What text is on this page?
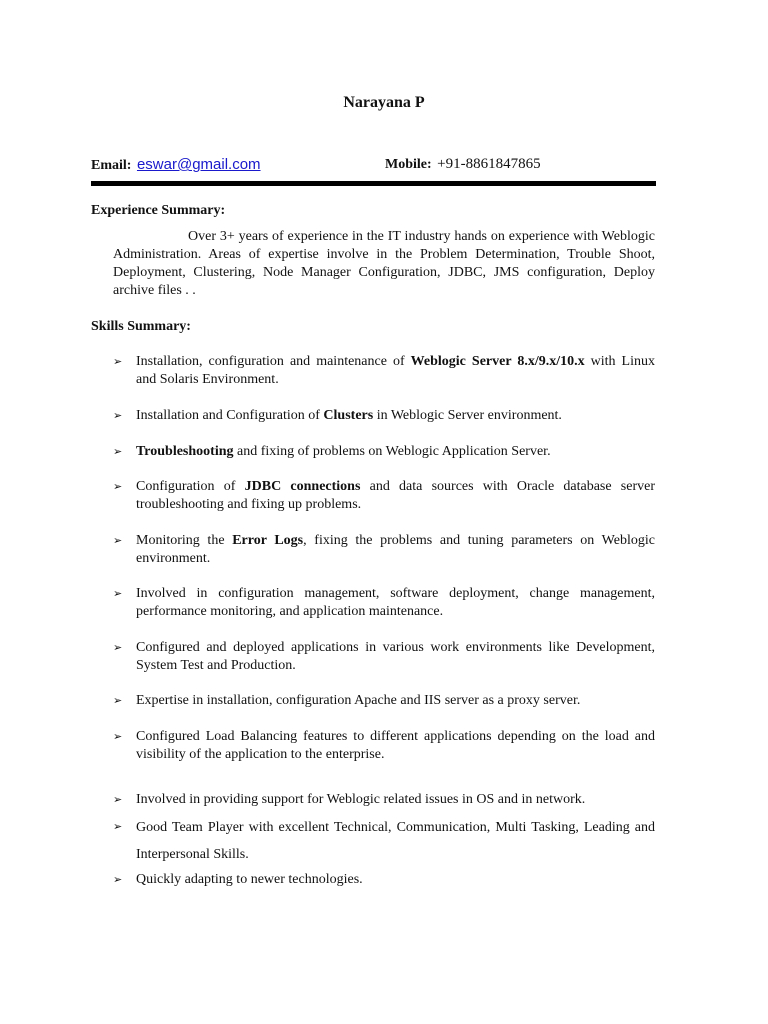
Narayana P
Email: eswar@gmail.com	Mobile: +91-8861847865
Experience Summary:
Over 3+ years of experience in the IT industry hands on experience with Weblogic Administration. Areas of expertise involve in the Problem Determination, Trouble Shoot, Deployment, Clustering, Node Manager Configuration, JDBC, JMS configuration, Deploy archive files . .
Skills Summary:
➢ Installation, configuration and maintenance of Weblogic Server 8.x/9.x/10.x with Linux and Solaris Environment.
➢ Installation and Configuration of Clusters in Weblogic Server environment.
➢ Troubleshooting and fixing of problems on Weblogic Application Server.
➢ Configuration of JDBC connections and data sources with Oracle database server troubleshooting and fixing up problems.
➢ Monitoring the Error Logs, fixing the problems and tuning parameters on Weblogic environment.
➢ Involved in configuration management, software deployment, change management, performance monitoring, and application maintenance.
➢ Configured and deployed applications in various work environments like Development, System Test and Production.
➢ Expertise in installation, configuration Apache and IIS server as a proxy server.
➢ Configured Load Balancing features to different applications depending on the load and visibility of the application to the enterprise.
➢ Involved in providing support for Weblogic related issues in OS and in network.
➢ Good Team Player with excellent Technical, Communication, Multi Tasking, Leading and Interpersonal Skills.
➢ Quickly adapting to newer technologies.
